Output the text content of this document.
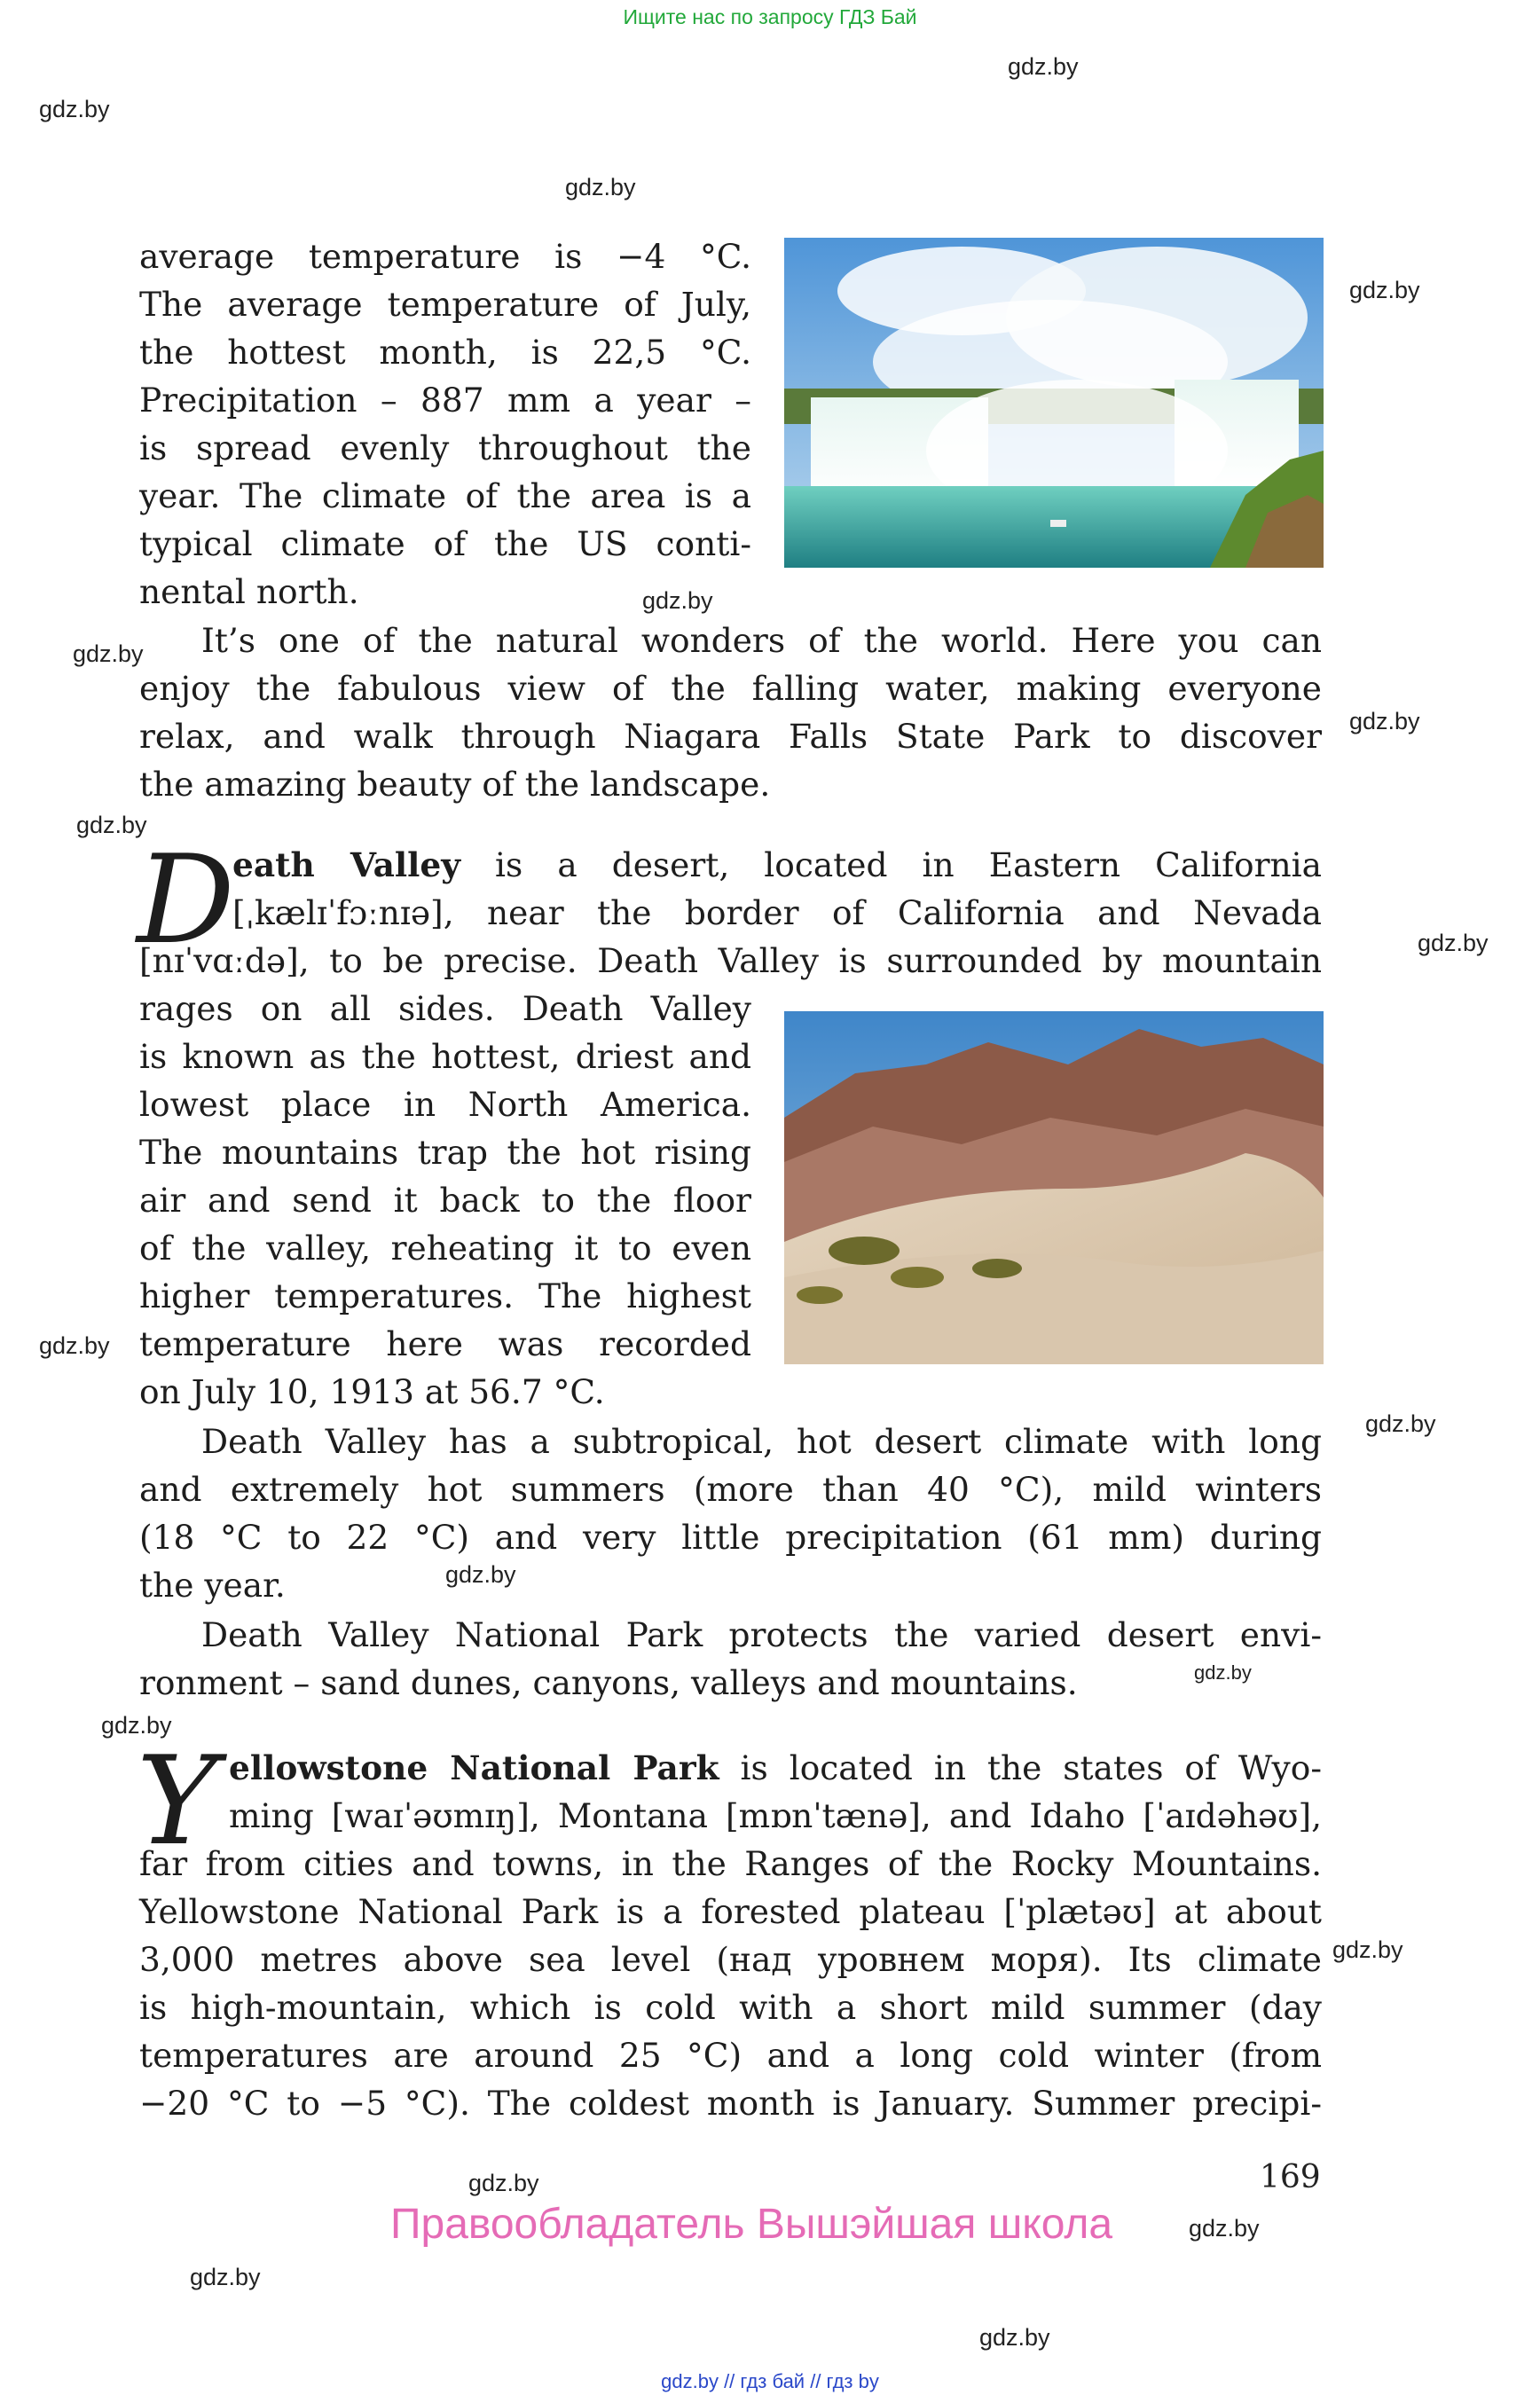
Ищите нас по запросу ГДЗ Бай
gdz.by
gdz.by
gdz.by
gdz.by
gdz.by
gdz.by
gdz.by
gdz.by
gdz.by
gdz.by
gdz.by
gdz.by
gdz.by
gdz.by
gdz.by
gdz.by
gdz.by
gdz.by
gdz.by
average temperature is −4 °C.
The average temperature of July,
the hottest month, is 22,5 °C.
Precipitation – 887 mm a year –
is spread evenly throughout the
year. The climate of the area is a
typical climate of the US conti-
nental north.
It’s one of the natural wonders of the world. Here you can
enjoy the fabulous view of the falling water, making everyone
relax, and walk through Niagara Falls State Park to discover
the amazing beauty of the landscape.
D
eath Valley is a desert, located in Eastern California
[ˌkælɪˈfɔːnɪə], near the border of California and Nevada
[nɪˈvɑːdə], to be precise. Death Valley is surrounded by mountain
rages on all sides. Death Valley
is known as the hottest, driest and
lowest place in North America.
The mountains trap the hot rising
air and send it back to the floor
of the valley, reheating it to even
higher temperatures. The highest
temperature here was recorded
on July 10, 1913 at 56.7 °C.
Death Valley has a subtropical, hot desert climate with long
and extremely hot summers (more than 40 °C), mild winters
(18 °C to 22 °C) and very little precipitation (61 mm) during
the year.
Death Valley National Park protects the varied desert envi-
ronment – sand dunes, canyons, valleys and mountains.
Y ellowstone National Park is located in the states of Wyo-
ming [waɪˈəʊmɪŋ], Montana [mɒnˈtænə], and Idaho [ˈaɪdəhəʊ],
far from cities and towns, in the Ranges of the Rocky Mountains.
Yellowstone National Park is a forested plateau [ˈplætəʊ] at about
3,000 metres above sea level (над уровнем моря). Its climate
is high-mountain, which is cold with a short mild summer (day
temperatures are around 25 °C) and a long cold winter (from
−20 °C to −5 °C). The coldest month is January. Summer precipi-
169
Правообладатель Вышэйшая школа
gdz.by // гдз бай // гдз by
